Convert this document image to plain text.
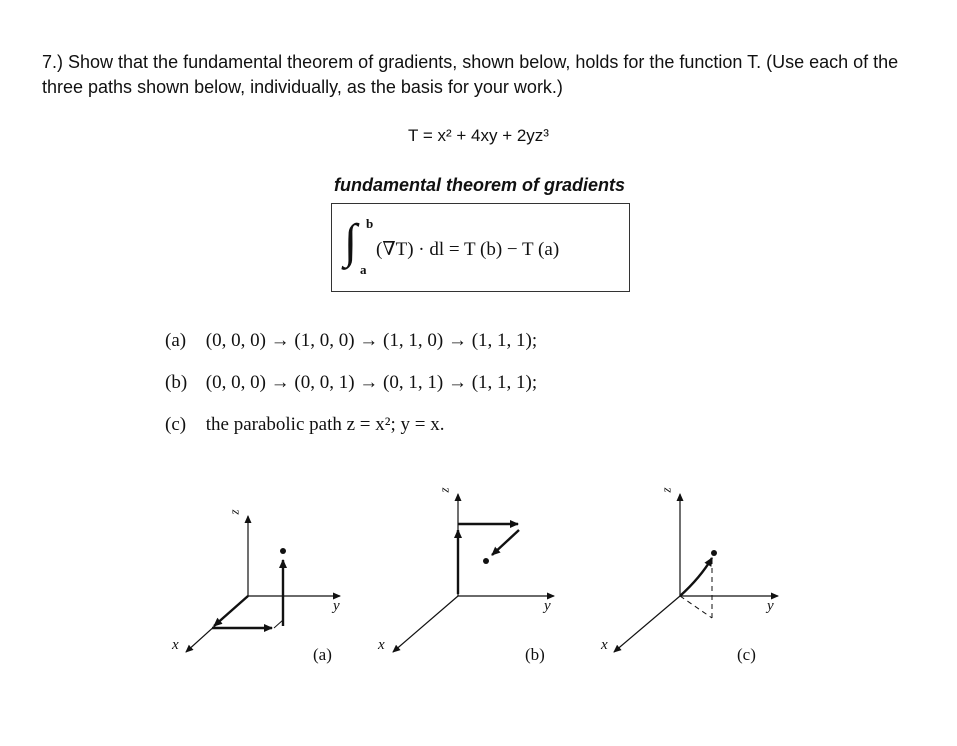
7.) Show that the fundamental theorem of gradients, shown below, holds for the function T. (Use each of the three paths shown below, individually, as the basis for your work.)
T = x² + 4xy + 2yz³
fundamental theorem of gradients
∫ b
a
(∇T) · dl = T (b) − T (a)
(a) (0, 0, 0) → (1, 0, 0) → (1, 1, 0) → (1, 1, 1);
(b) (0, 0, 0) → (0, 0, 1) → (0, 1, 1) → (1, 1, 1);
(c) the parabolic path z = x²; y = x.
z
y
x	(a)
z
y
x	(b)
z
y
x	(c)
